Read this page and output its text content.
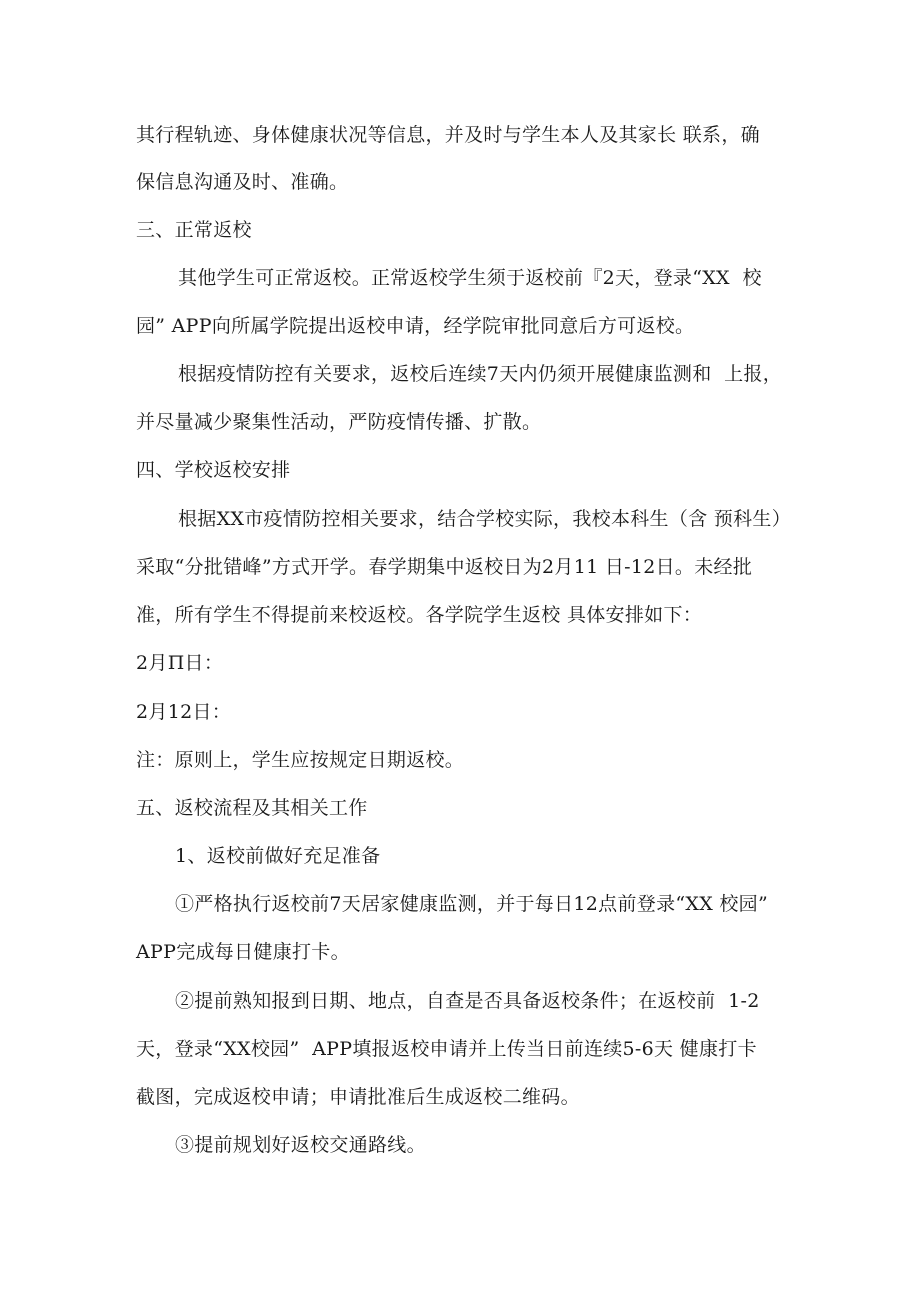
其行程轨迹、身体健康状况等信息，并及时与学生本人及其家长 联系，确
保信息沟通及时、准确。
三、正常返校
其他学生可正常返校。正常返校学生须于返校前『2天，登录“XX  校
园” APP向所属学院提出返校申请，经学院审批同意后方可返校。
根据疫情防控有关要求，返校后连续7天内仍须开展健康监测和  上报，
并尽量减少聚集性活动，严防疫情传播、扩散。
四、学校返校安排
根据XX市疫情防控相关要求，结合学校实际，我校本科生（含 预科生）
采取“分批错峰”方式开学。春学期集中返校日为2月11 日-12日。未经批
准，所有学生不得提前来校返校。各学院学生返校 具体安排如下：
2月Π日：
2月12日：
注：原则上，学生应按规定日期返校。
五、返校流程及其相关工作
1、返校前做好充足准备
①严格执行返校前7天居家健康监测，并于每日12点前登录“XX 校园”
APP完成每日健康打卡。
②提前熟知报到日期、地点，自查是否具备返校条件；在返校前  1-2
天，登录“XX校园”  APP填报返校申请并上传当日前连续5-6天 健康打卡
截图，完成返校申请；申请批准后生成返校二维码。
③提前规划好返校交通路线。
